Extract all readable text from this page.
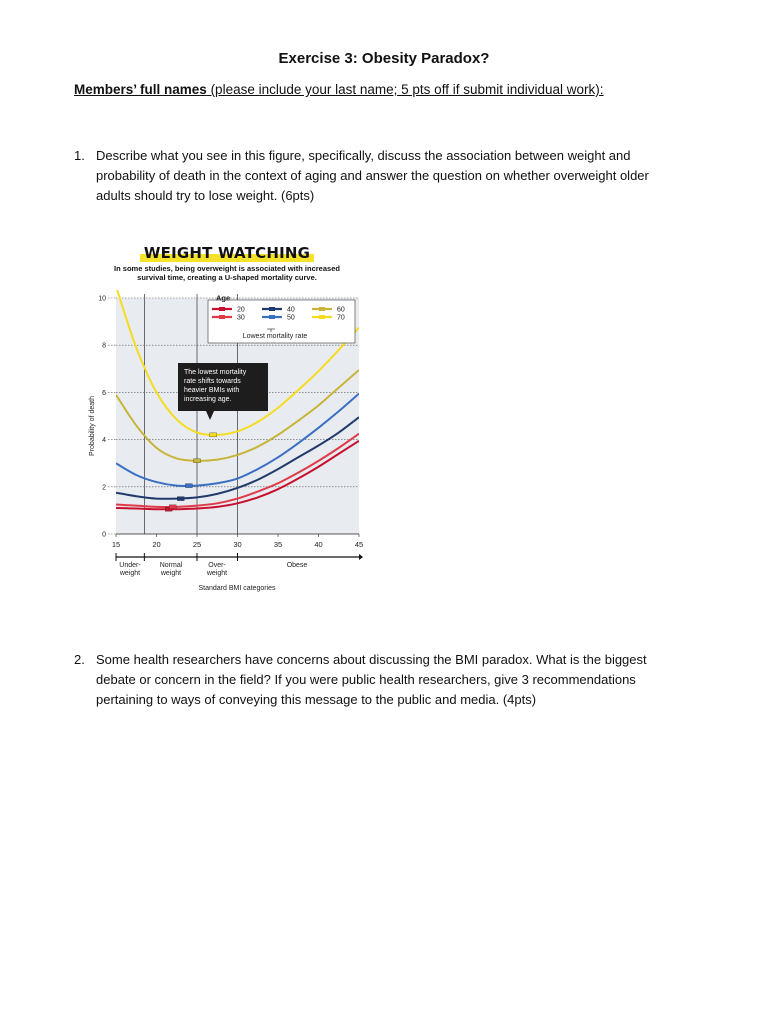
Exercise 3: Obesity Paradox?
Members’ full names (please include your last name; 5 pts off if submit individual work):
1. Describe what you see in this figure, specifically, discuss the association between weight and probability of death in the context of aging and answer the question on whether overweight older adults should try to lose weight. (6pts)
WEIGHT WATCHING
In some studies, being overweight is associated with increased
survival time, creating a U-shaped mortality curve.
0
2
4
6
8
10
15	20	25	30	35	40	45
Probability of death
Age
20
30
40
50
60
70
Lowest mortality rate
The lowest mortality
rate shifts towards
heavier BMIs with
increasing age.
Under-
weight
Normal
weight
Over-
weight
Obese
Standard BMI categories
2. Some health researchers have concerns about discussing the BMI paradox. What is the biggest debate or concern in the field? If you were public health researchers, give 3 recommendations pertaining to ways of conveying this message to the public and media. (4pts)
